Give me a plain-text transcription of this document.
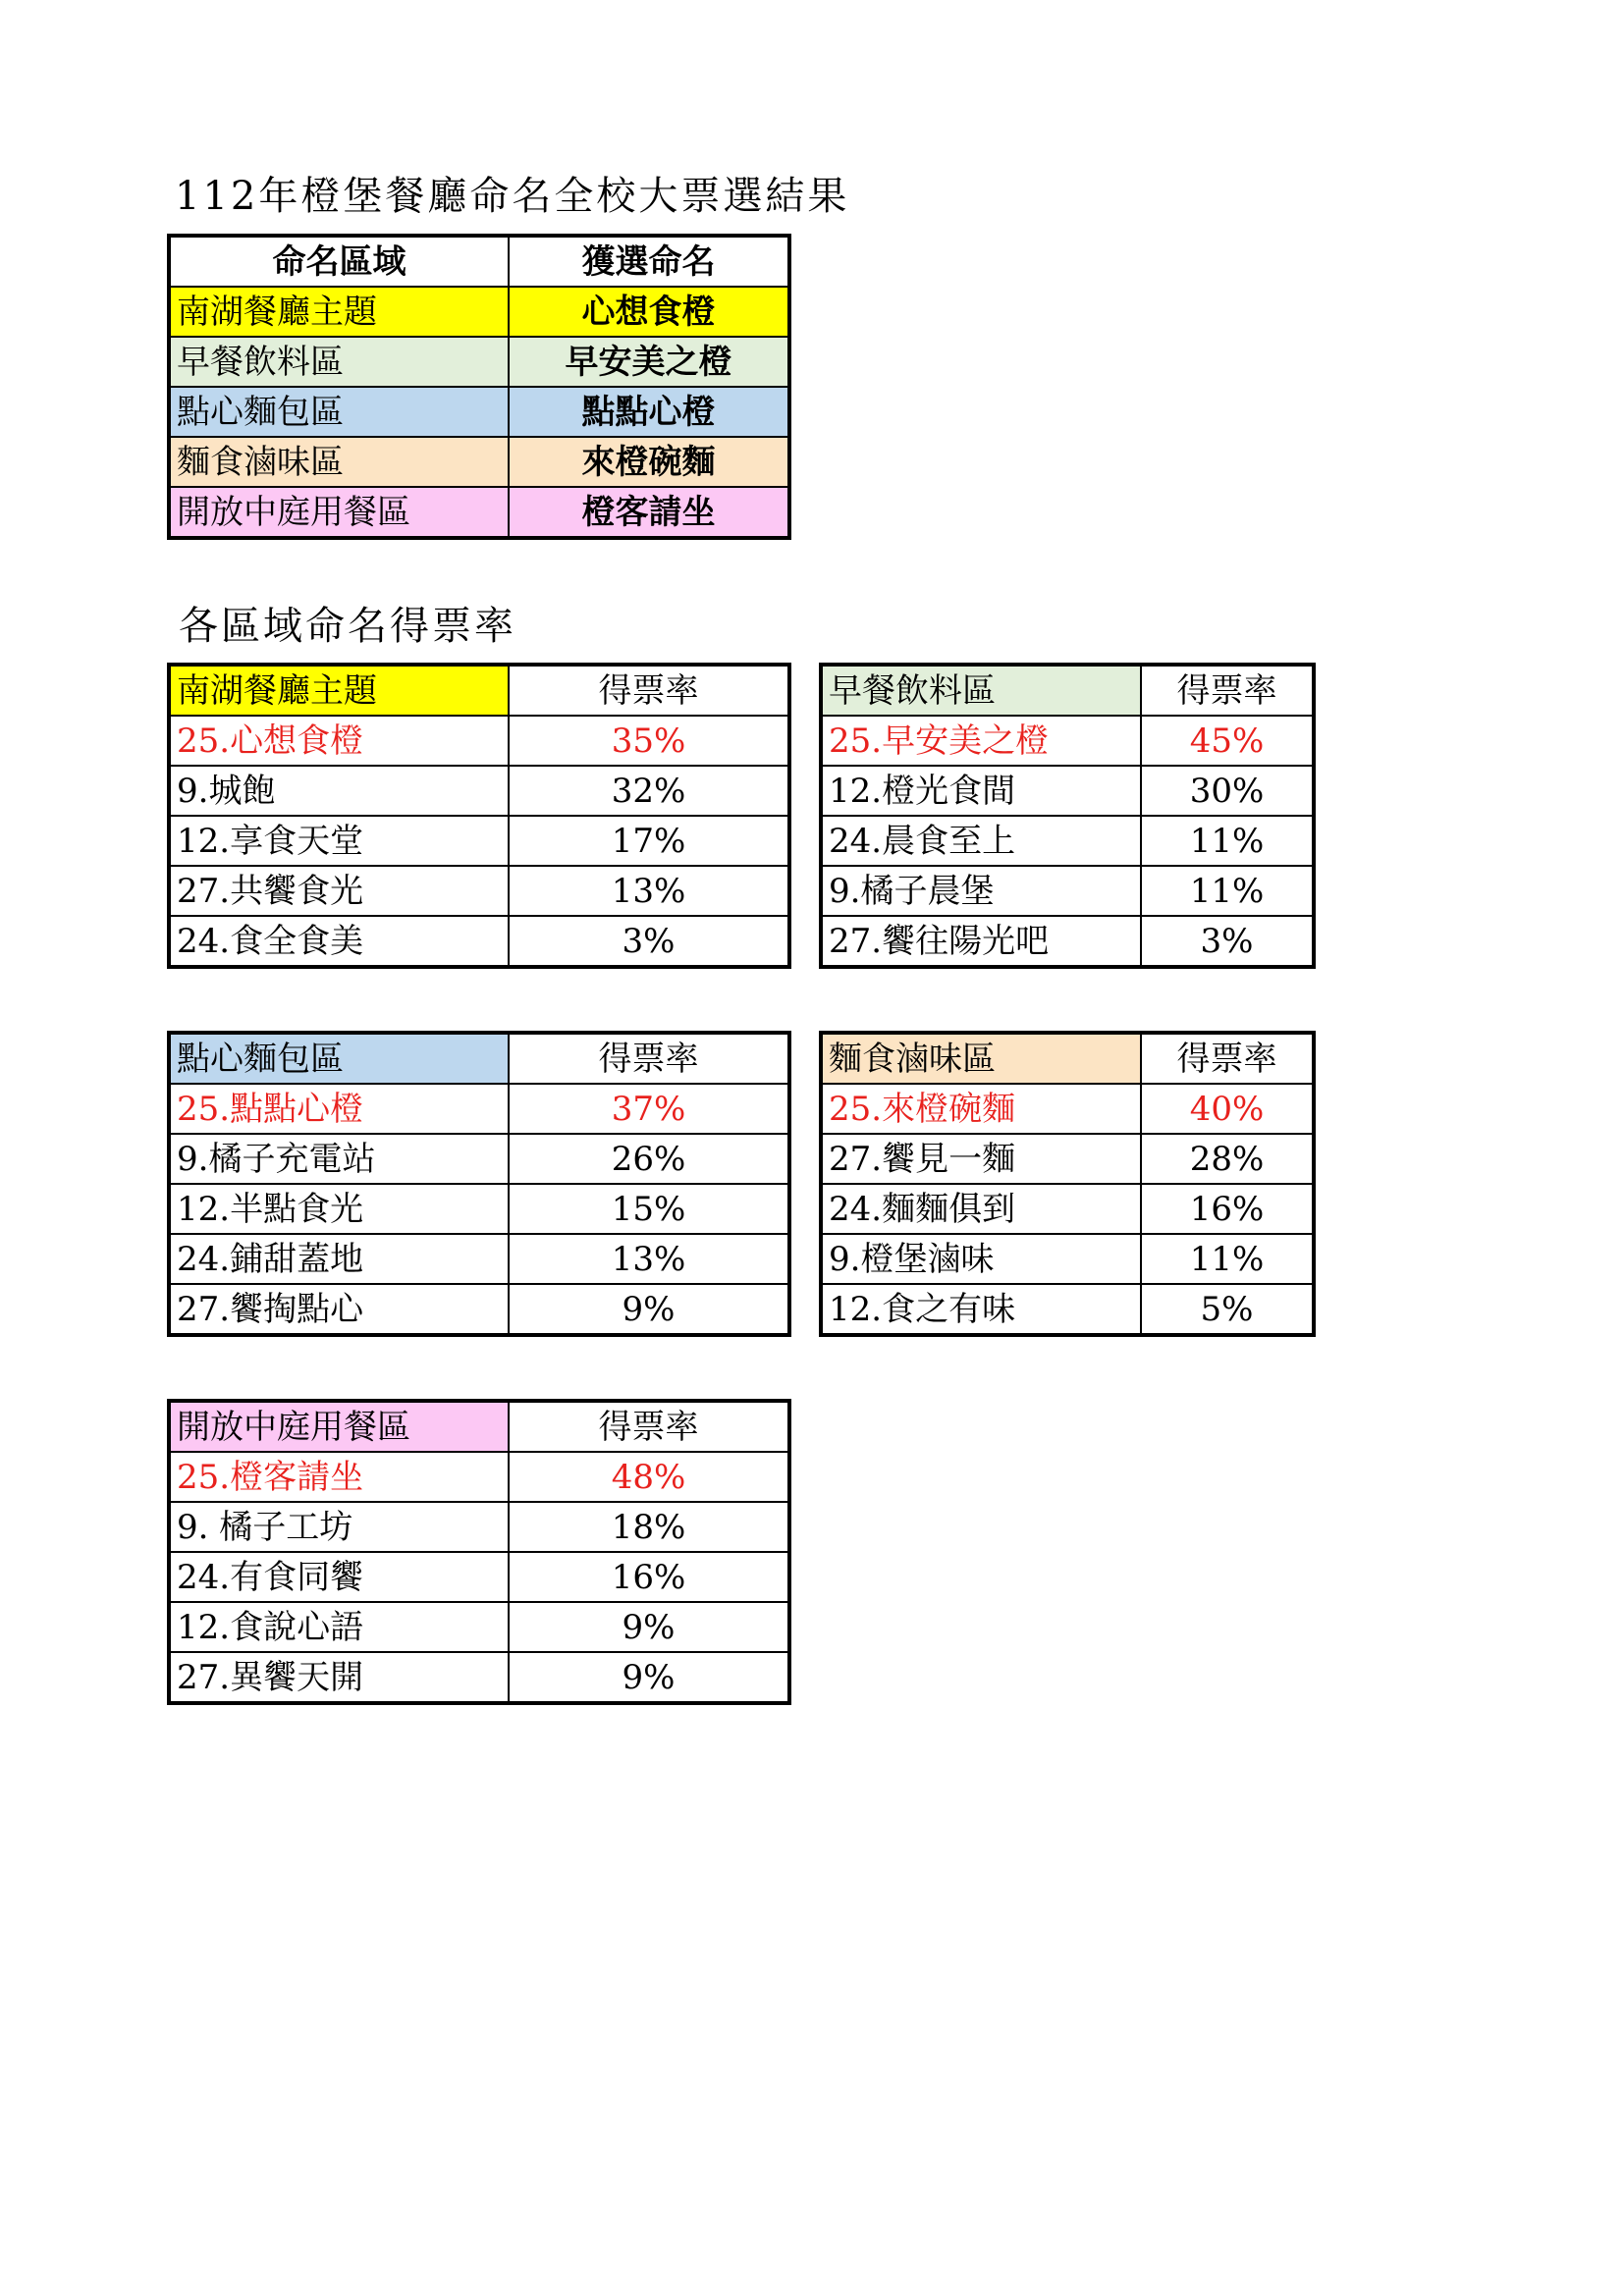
112年橙堡餐廳命名全校大票選結果
命名區域	獲選命名
南湖餐廳主題	心想食橙
早餐飲料區	早安美之橙
點心麵包區	點點心橙
麵食滷味區	來橙碗麵
開放中庭用餐區	橙客請坐
各區域命名得票率
南湖餐廳主題	得票率
25.心想食橙	35%
9.城飽	32%
12.享食天堂	17%
27.共饗食光	13%
24.食全食美	3%
早餐飲料區	得票率
25.早安美之橙	45%
12.橙光食間	30%
24.晨食至上	11%
9.橘子晨堡	11%
27.饗往陽光吧	3%
點心麵包區	得票率
25.點點心橙	37%
9.橘子充電站	26%
12.半點食光	15%
24.鋪甜蓋地	13%
27.饗掏點心	9%
麵食滷味區	得票率
25.來橙碗麵	40%
27.饗見一麵	28%
24.麵麵俱到	16%
9.橙堡滷味	11%
12.食之有味	5%
開放中庭用餐區	得票率
25.橙客請坐	48%
9. 橘子工坊	18%
24.有食同饗	16%
12.食說心語	9%
27.異饗天開	9%
